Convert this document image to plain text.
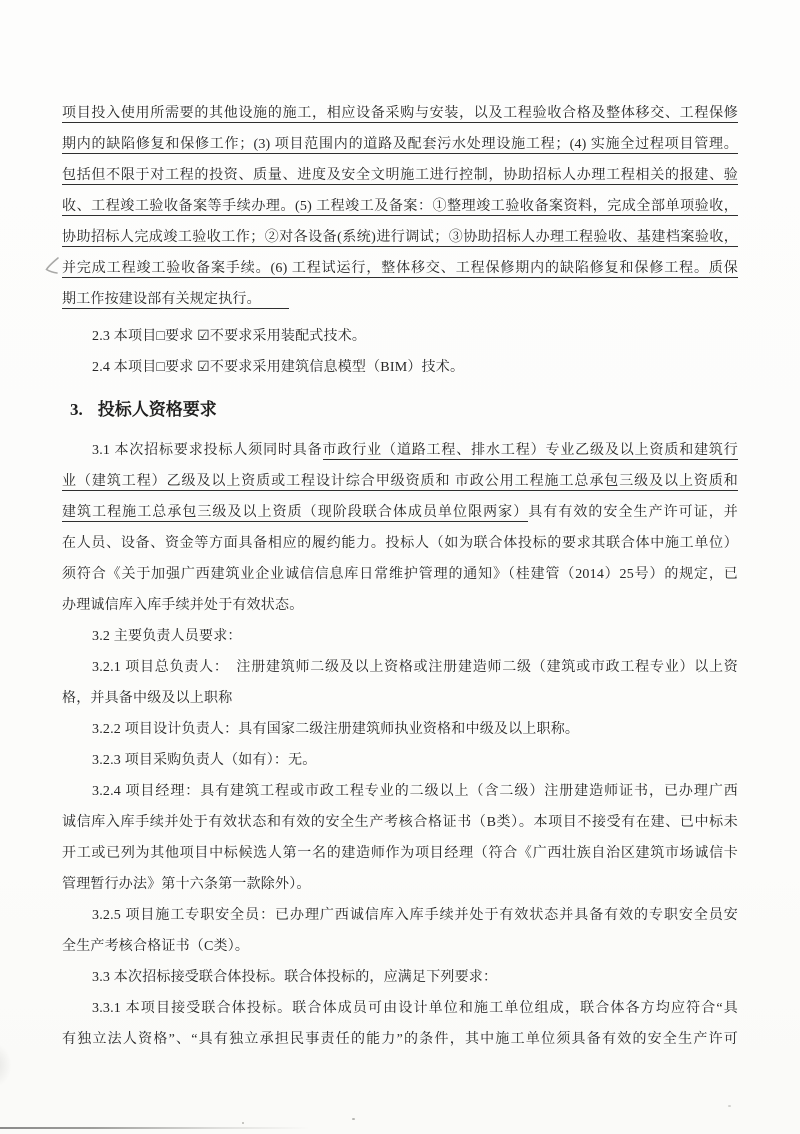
项目投入使用所需要的其他设施的施工，相应设备采购与安装，以及工程验收合格及整体移交、工程保修
期内的缺陷修复和保修工作；(3) 项目范围内的道路及配套污水处理设施工程；(4) 实施全过程项目管理。
包括但不限于对工程的投资、质量、进度及安全文明施工进行控制，协助招标人办理工程相关的报建、验
收、工程竣工验收备案等手续办理。(5) 工程竣工及备案：①整理竣工验收备案资料，完成全部单项验收，
协助招标人完成竣工验收工作；②对各设备(系统)进行调试；③协助招标人办理工程验收、基建档案验收，
并完成工程竣工验收备案手续。(6) 工程试运行，整体移交、工程保修期内的缺陷修复和保修工程。质保
期工作按建设部有关规定执行。
2.3 本项目□要求 ☑不要求采用装配式技术。
2.4 本项目□要求 ☑不要求采用建筑信息模型（BIM）技术。
3. 投标人资格要求
3.1 本次招标要求投标人须同时具备市政行业（道路工程、排水工程）专业乙级及以上资质和建筑行
业（建筑工程）乙级及以上资质或工程设计综合甲级资质和 市政公用工程施工总承包三级及以上资质和
建筑工程施工总承包三级及以上资质（现阶段联合体成员单位限两家）具有有效的安全生产许可证，并
在人员、设备、资金等方面具备相应的履约能力。投标人（如为联合体投标的要求其联合体中施工单位）
须符合《关于加强广西建筑业企业诚信信息库日常维护管理的通知》（桂建管（2014）25号）的规定，已
办理诚信库入库手续并处于有效状态。
3.2 主要负责人员要求：
3.2.1 项目总负责人：　注册建筑师二级及以上资格或注册建造师二级（建筑或市政工程专业）以上资
格，并具备中级及以上职称
3.2.2 项目设计负责人：具有国家二级注册建筑师执业资格和中级及以上职称。
3.2.3 项目采购负责人（如有）：无。
3.2.4 项目经理：具有建筑工程或市政工程专业的二级以上（含二级）注册建造师证书，已办理广西
诚信库入库手续并处于有效状态和有效的安全生产考核合格证书（B类）。本项目不接受有在建、已中标未
开工或已列为其他项目中标候选人第一名的建造师作为项目经理（符合《广西壮族自治区建筑市场诚信卡
管理暂行办法》第十六条第一款除外）。
3.2.5 项目施工专职安全员：已办理广西诚信库入库手续并处于有效状态并具备有效的专职安全员安
全生产考核合格证书（C类）。
3.3 本次招标接受联合体投标。联合体投标的，应满足下列要求：
3.3.1 本项目接受联合体投标。联合体成员可由设计单位和施工单位组成，联合体各方均应符合“具
有独立法人资格”、“具有独立承担民事责任的能力”的条件，其中施工单位须具备有效的安全生产许可
